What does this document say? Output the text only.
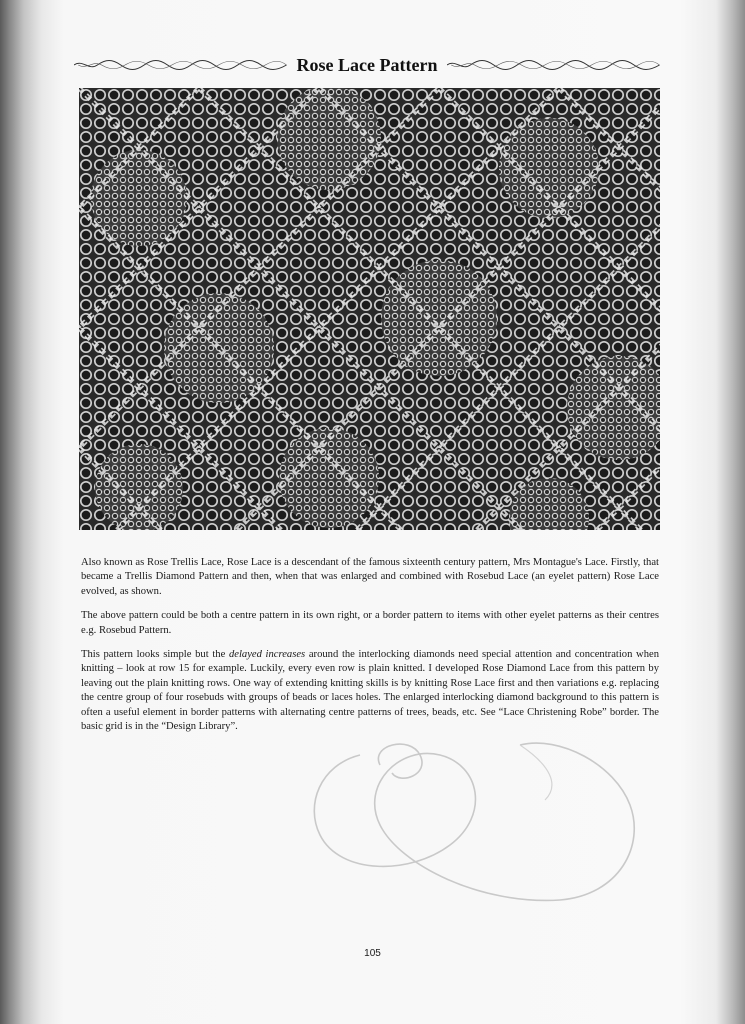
Rose Lace Pattern

Also known as Rose Trellis Lace, Rose Lace is a descendant of the famous sixteenth century pattern, Mrs Montague's Lace. Firstly, that became a Trellis Diamond Pattern and then, when that was enlarged and combined with Rosebud Lace (an eyelet pattern) Rose Lace evolved, as shown.

The above pattern could be both a centre pattern in its own right, or a border pattern to items with other eyelet patterns as their centres e.g. Rosebud Pattern.

This pattern looks simple but the delayed increases around the interlocking diamonds need special attention and concentration when knitting – look at row 15 for example. Luckily, every even row is plain knitted. I developed Rose Diamond Lace from this pattern by leaving out the plain knitting rows. One way of extending knitting skills is by knitting Rose Lace first and then variations e.g. replacing the centre group of four rosebuds with groups of beads or laces holes. The enlarged interlocking diamond background to this pattern is often a useful element in border patterns with alternating centre patterns of trees, beads, etc. See “Lace Christening Robe” border. The basic grid is in the “Design Library”.

105
